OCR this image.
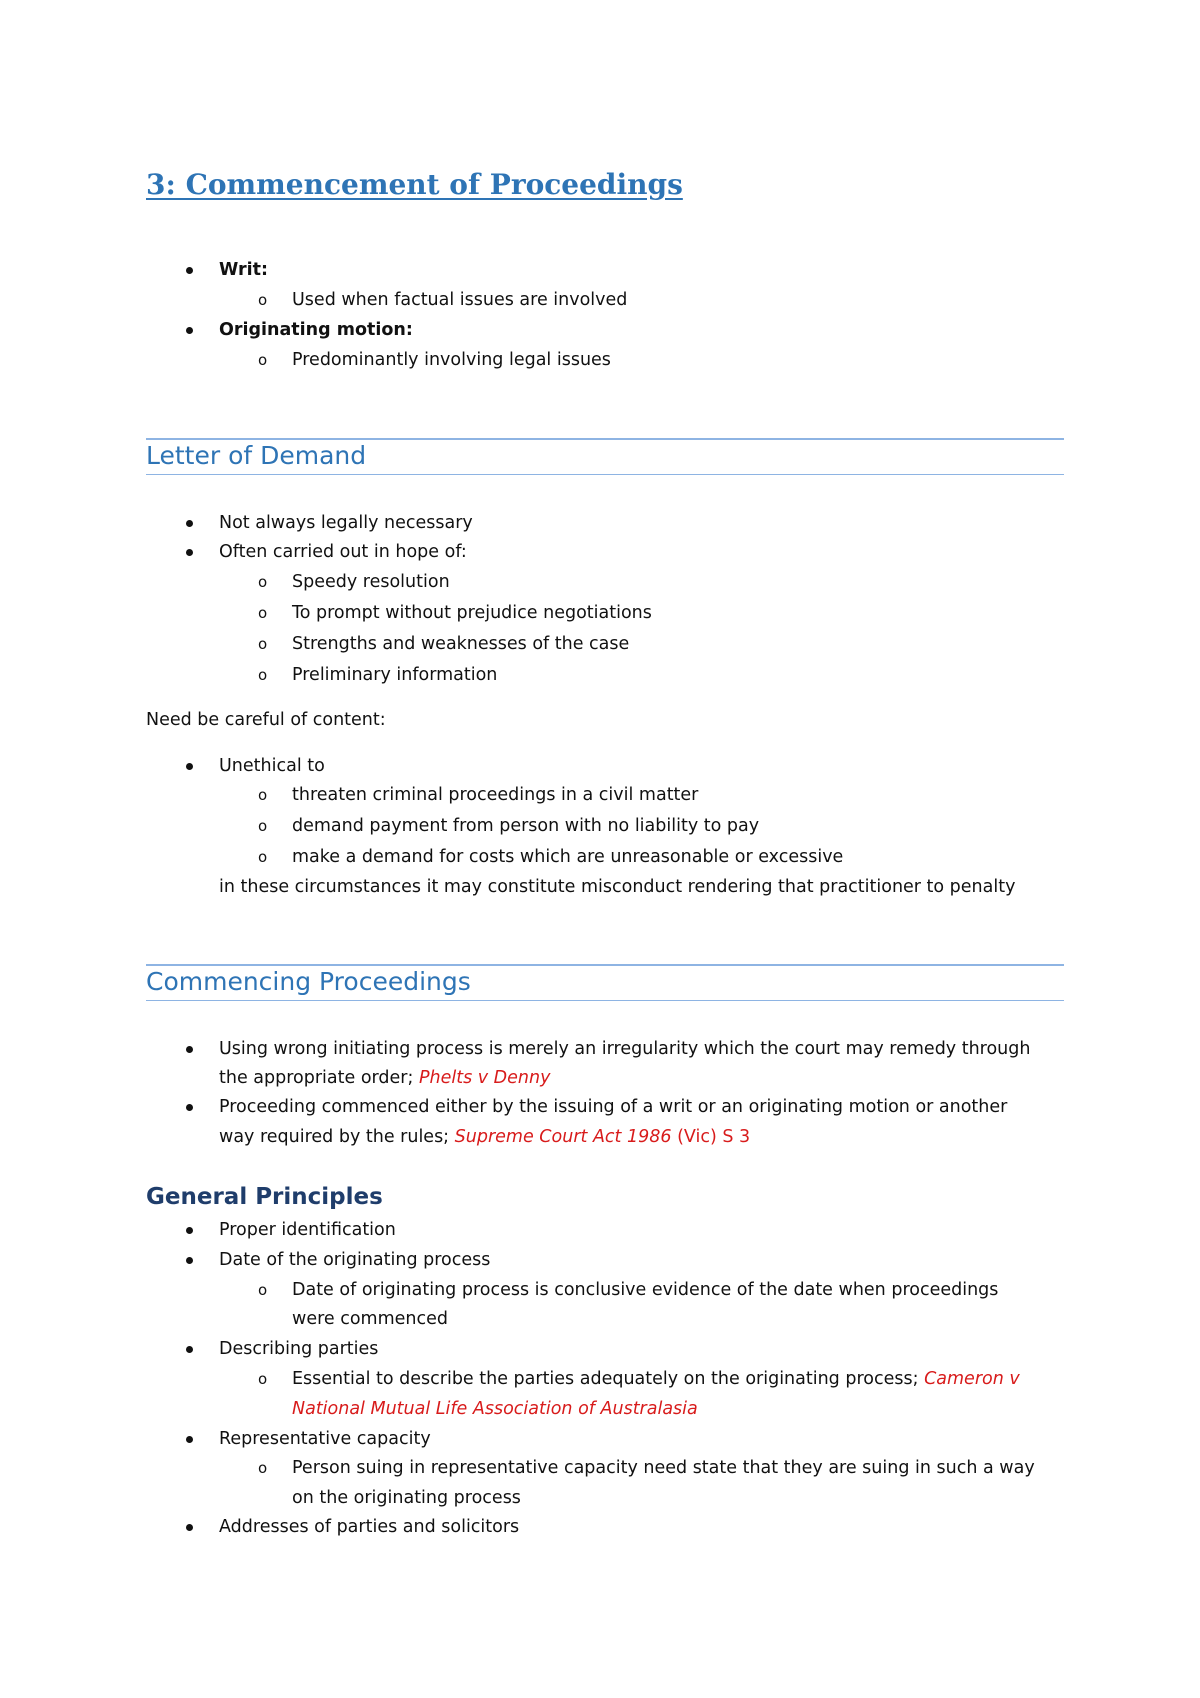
3: Commencement of Proceedings
Writ:
o Used when factual issues are involved
Originating motion:
o Predominantly involving legal issues
Letter of Demand
Not always legally necessary
Often carried out in hope of:
o Speedy resolution
o To prompt without prejudice negotiations
o Strengths and weaknesses of the case
o Preliminary information
Need be careful of content:
Unethical to
o threaten criminal proceedings in a civil matter
o demand payment from person with no liability to pay
o make a demand for costs which are unreasonable or excessive
in these circumstances it may constitute misconduct rendering that practitioner to penalty
Commencing Proceedings
Using wrong initiating process is merely an irregularity which the court may remedy through
the appropriate order; Phelts v Denny
Proceeding commenced either by the issuing of a writ or an originating motion or another
way required by the rules; Supreme Court Act 1986 (Vic) S 3
General Principles
Proper identification
Date of the originating process
o Date of originating process is conclusive evidence of the date when proceedings
were commenced
Describing parties
o Essential to describe the parties adequately on the originating process; Cameron v
National Mutual Life Association of Australasia
Representative capacity
o Person suing in representative capacity need state that they are suing in such a way
on the originating process
Addresses of parties and solicitors
